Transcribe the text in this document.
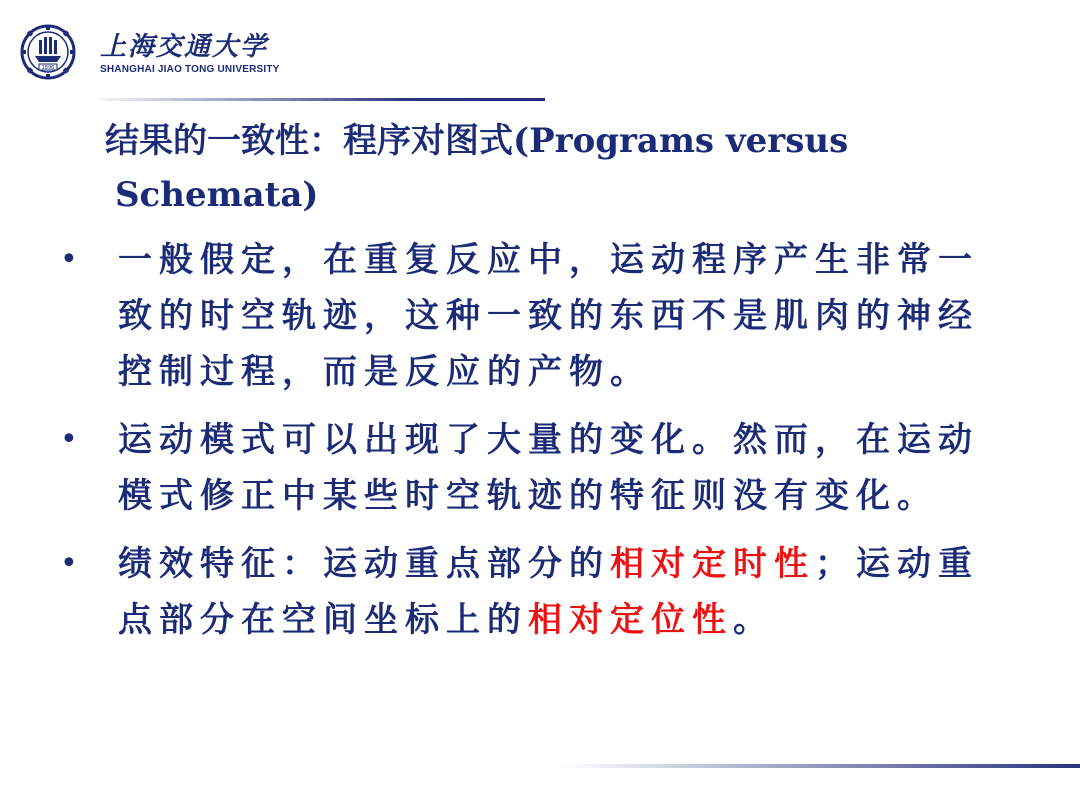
1896
上海交通大学
SHANGHAI JIAO TONG UNIVERSITY
结果的一致性：程序对图式(Programs versus
Schemata)
• 一般假定，在重复反应中，运动程序产生非常一
致的时空轨迹，这种一致的东西不是肌肉的神经
控制过程，而是反应的产物。
• 运动模式可以出现了大量的变化。然而，在运动
模式修正中某些时空轨迹的特征则没有变化。
• 绩效特征：运动重点部分的相对定时性；运动重
点部分在空间坐标上的相对定位性。
